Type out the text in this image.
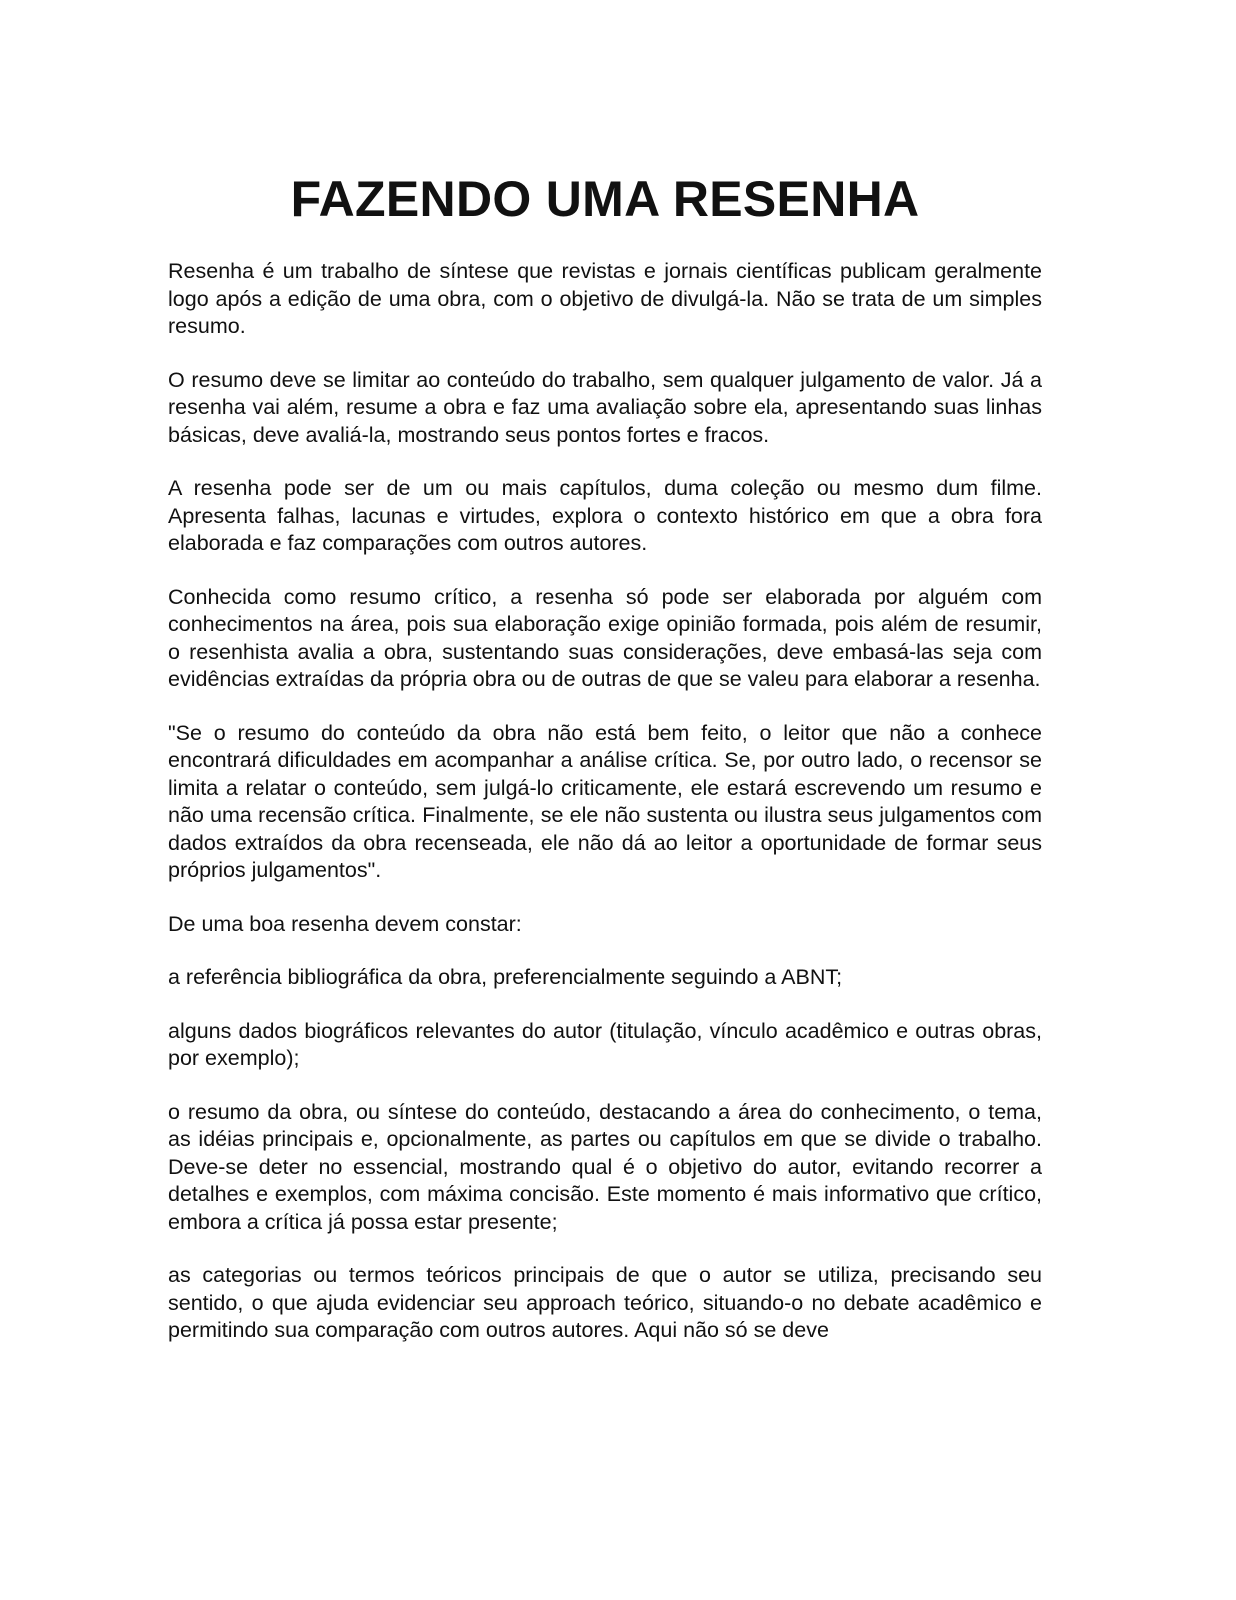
FAZENDO UMA RESENHA

Resenha é um trabalho de síntese que revistas e jornais científicas publicam geralmente logo após a edição de uma obra, com o objetivo de divulgá-la. Não se trata de um simples resumo.

O resumo deve se limitar ao conteúdo do trabalho, sem qualquer julgamento de valor. Já a resenha vai além, resume a obra e faz uma avaliação sobre ela, apresentando suas linhas básicas, deve avaliá-la, mostrando seus pontos fortes e fracos.

A resenha pode ser de um ou mais capítulos, duma coleção ou mesmo dum filme. Apresenta falhas, lacunas e virtudes, explora o contexto histórico em que a obra fora elaborada e faz comparações com outros autores.

Conhecida como resumo crítico, a resenha só pode ser elaborada por alguém com conhecimentos na área, pois sua elaboração exige opinião formada, pois além de resumir, o resenhista avalia a obra, sustentando suas considerações, deve embasá-las seja com evidências extraídas da própria obra ou de outras de que se valeu para elaborar a resenha.

"Se o resumo do conteúdo da obra não está bem feito, o leitor que não a conhece encontrará dificuldades em acompanhar a análise crítica. Se, por outro lado, o recensor se limita a relatar o conteúdo, sem julgá-lo criticamente, ele estará escrevendo um resumo e não uma recensão crítica. Finalmente, se ele não sustenta ou ilustra seus julgamentos com dados extraídos da obra recenseada, ele não dá ao leitor a oportunidade de formar seus próprios julgamentos".

De uma boa resenha devem constar:

a referência bibliográfica da obra, preferencialmente seguindo a ABNT;

alguns dados biográficos relevantes do autor (titulação, vínculo acadêmico e outras obras, por exemplo);

o resumo da obra, ou síntese do conteúdo, destacando a área do conhecimento, o tema, as idéias principais e, opcionalmente, as partes ou capítulos em que se divide o trabalho. Deve-se deter no essencial, mostrando qual é o objetivo do autor, evitando recorrer a detalhes e exemplos, com máxima concisão. Este momento é mais informativo que crítico, embora a crítica já possa estar presente;

as categorias ou termos teóricos principais de que o autor se utiliza, precisando seu sentido, o que ajuda evidenciar seu approach teórico, situando-o no debate acadêmico e permitindo sua comparação com outros autores. Aqui não só se deve
